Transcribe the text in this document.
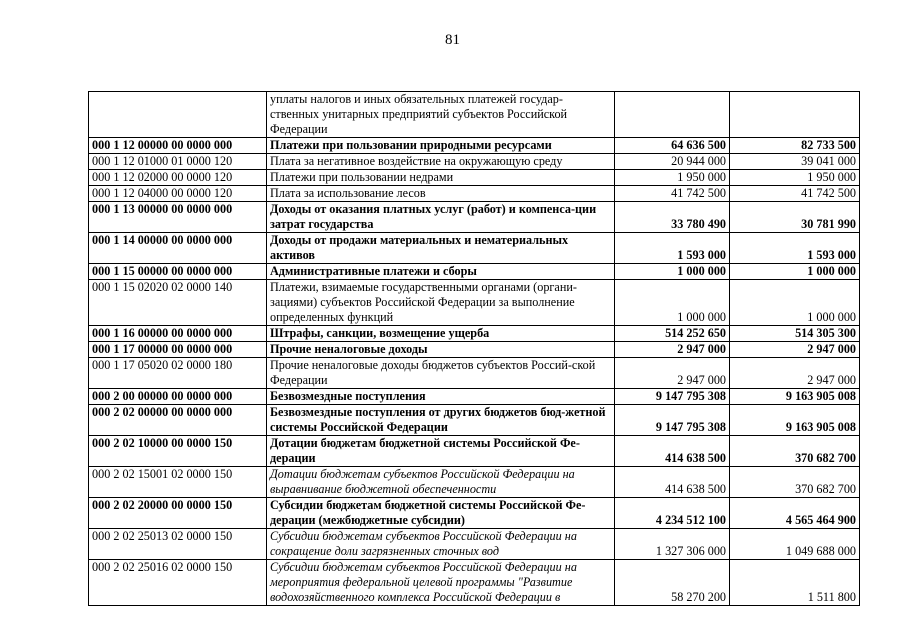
81
	уплаты налогов и иных обязательных платежей государ-ственных унитарных предприятий субъектов Российской Федерации		
000 1 12 00000 00 0000 000	Платежи при пользовании природными ресурсами	64 636 500	82 733 500
000 1 12 01000 01 0000 120	Плата за негативное воздействие на окружающую среду	20 944 000	39 041 000
000 1 12 02000 00 0000 120	Платежи при пользовании недрами	1 950 000	1 950 000
000 1 12 04000 00 0000 120	Плата за использование лесов	41 742 500	41 742 500
000 1 13 00000 00 0000 000	Доходы от оказания платных услуг (работ) и компенса-ции затрат государства	33 780 490	30 781 990
000 1 14 00000 00 0000 000	Доходы от продажи материальных и нематериальных активов	1 593 000	1 593 000
000 1 15 00000 00 0000 000	Административные платежи и сборы	1 000 000	1 000 000
000 1 15 02020 02 0000 140	Платежи, взимаемые государственными органами (органи-зациями) субъектов Российской Федерации за выполнение определенных функций	1 000 000	1 000 000
000 1 16 00000 00 0000 000	Штрафы, санкции, возмещение ущерба	514 252 650	514 305 300
000 1 17 00000 00 0000 000	Прочие неналоговые доходы	2 947 000	2 947 000
000 1 17 05020 02 0000 180	Прочие неналоговые доходы бюджетов субъектов Россий-ской Федерации	2 947 000	2 947 000
000 2 00 00000 00 0000 000	Безвозмездные поступления	9 147 795 308	9 163 905 008
000 2 02 00000 00 0000 000	Безвозмездные поступления от других бюджетов бюд-жетной системы Российской Федерации	9 147 795 308	9 163 905 008
000 2 02 10000 00 0000 150	Дотации бюджетам бюджетной системы Российской Фе-дерации	414 638 500	370 682 700
000 2 02 15001 02 0000 150	Дотации бюджетам субъектов Российской Федерации на выравнивание бюджетной обеспеченности	414 638 500	370 682 700
000 2 02 20000 00 0000 150	Субсидии бюджетам бюджетной системы Российской Фе-дерации (межбюджетные субсидии)	4 234 512 100	4 565 464 900
000 2 02 25013 02 0000 150	Субсидии бюджетам субъектов Российской Федерации на сокращение доли загрязненных сточных вод	1 327 306 000	1 049 688 000
000 2 02 25016 02 0000 150	Субсидии бюджетам субъектов Российской Федерации на мероприятия федеральной целевой программы "Развитие водохозяйственного комплекса Российской Федерации в	58 270 200	1 511 800
